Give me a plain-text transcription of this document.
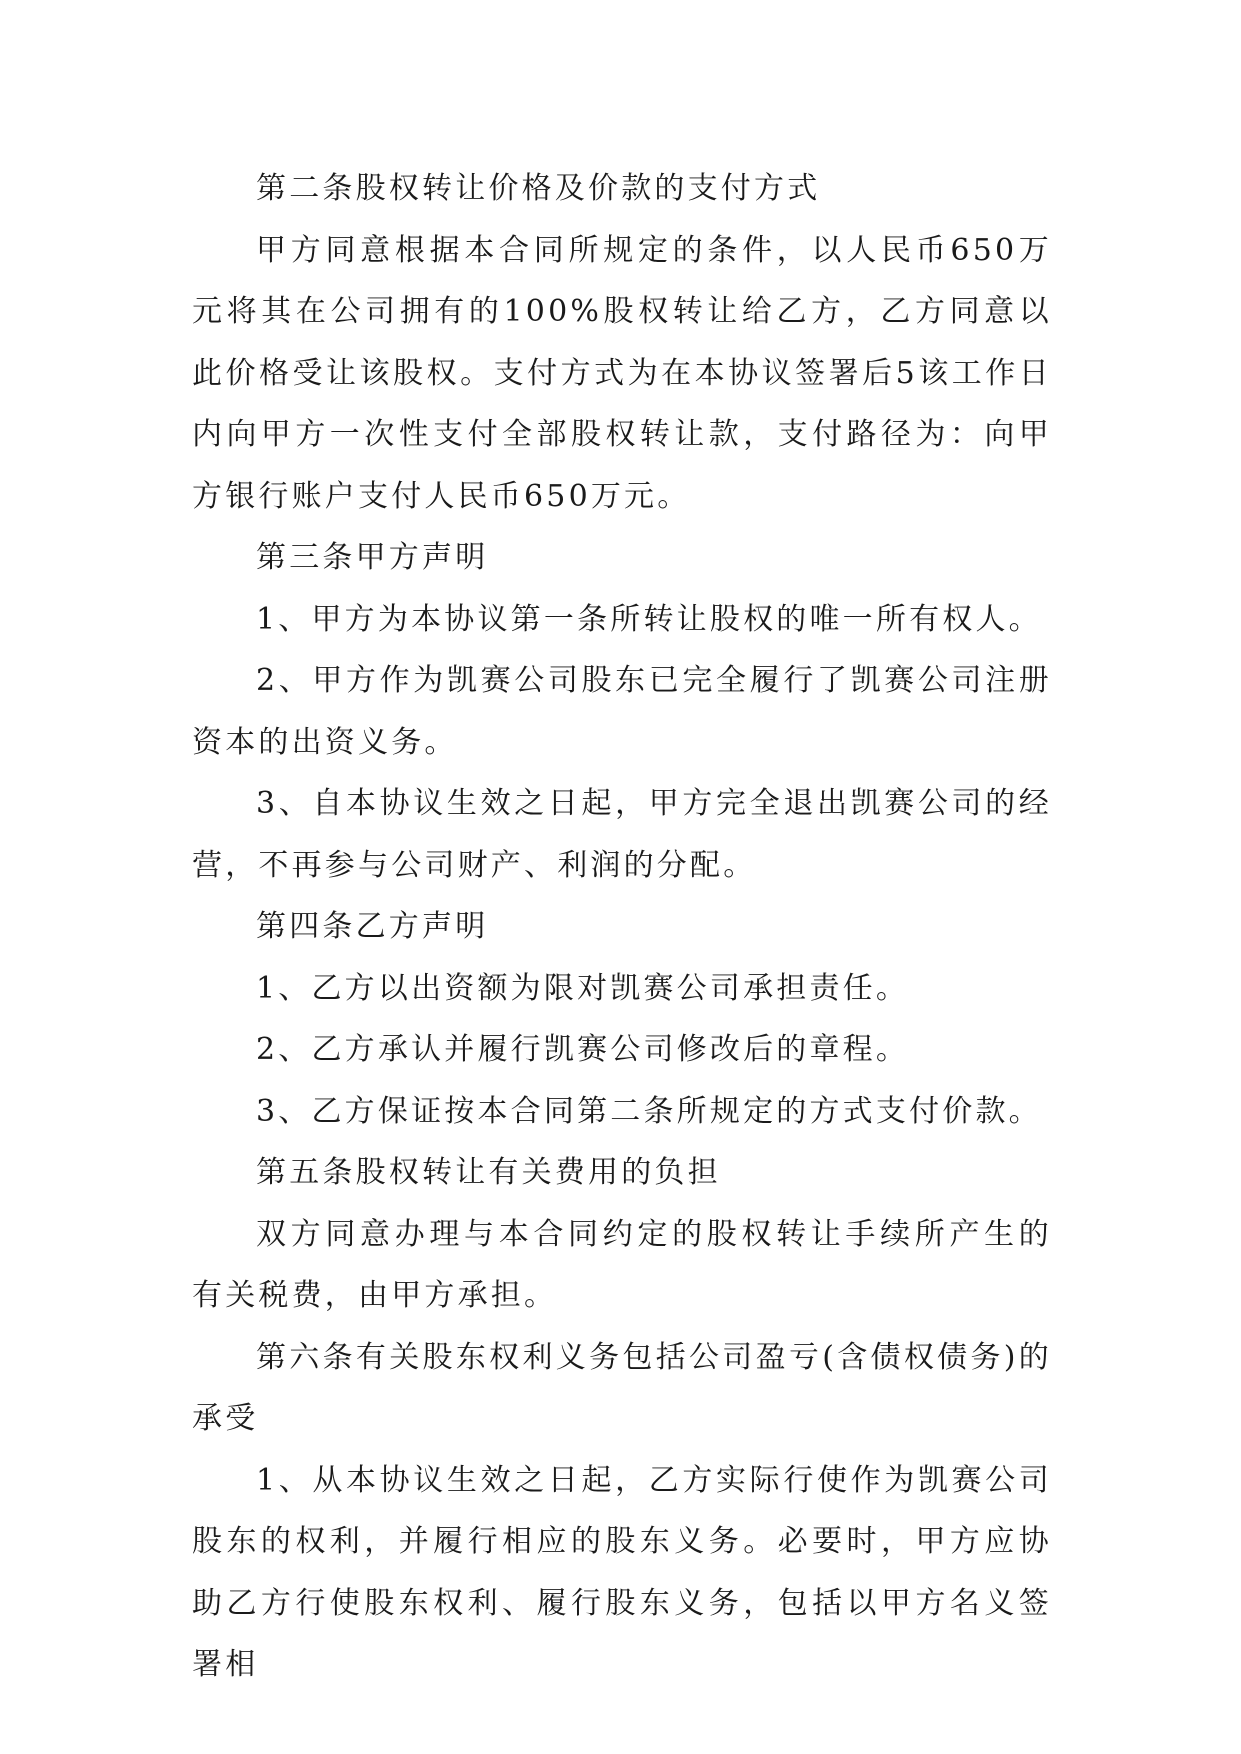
第二条股权转让价格及价款的支付方式

甲方同意根据本合同所规定的条件，以人民币650万元将其在公司拥有的100%股权转让给乙方，乙方同意以此价格受让该股权。支付方式为在本协议签署后5该工作日内向甲方一次性支付全部股权转让款，支付路径为：向甲方银行账户支付人民币650万元。

第三条甲方声明

1、甲方为本协议第一条所转让股权的唯一所有权人。

2、甲方作为凯赛公司股东已完全履行了凯赛公司注册资本的出资义务。

3、自本协议生效之日起，甲方完全退出凯赛公司的经营，不再参与公司财产、利润的分配。

第四条乙方声明

1、乙方以出资额为限对凯赛公司承担责任。

2、乙方承认并履行凯赛公司修改后的章程。

3、乙方保证按本合同第二条所规定的方式支付价款。

第五条股权转让有关费用的负担

双方同意办理与本合同约定的股权转让手续所产生的有关税费，由甲方承担。

第六条有关股东权利义务包括公司盈亏(含债权债务)的承受

1、从本协议生效之日起，乙方实际行使作为凯赛公司股东的权利，并履行相应的股东义务。必要时，甲方应协助乙方行使股东权利、履行股东义务，包括以甲方名义签署相
